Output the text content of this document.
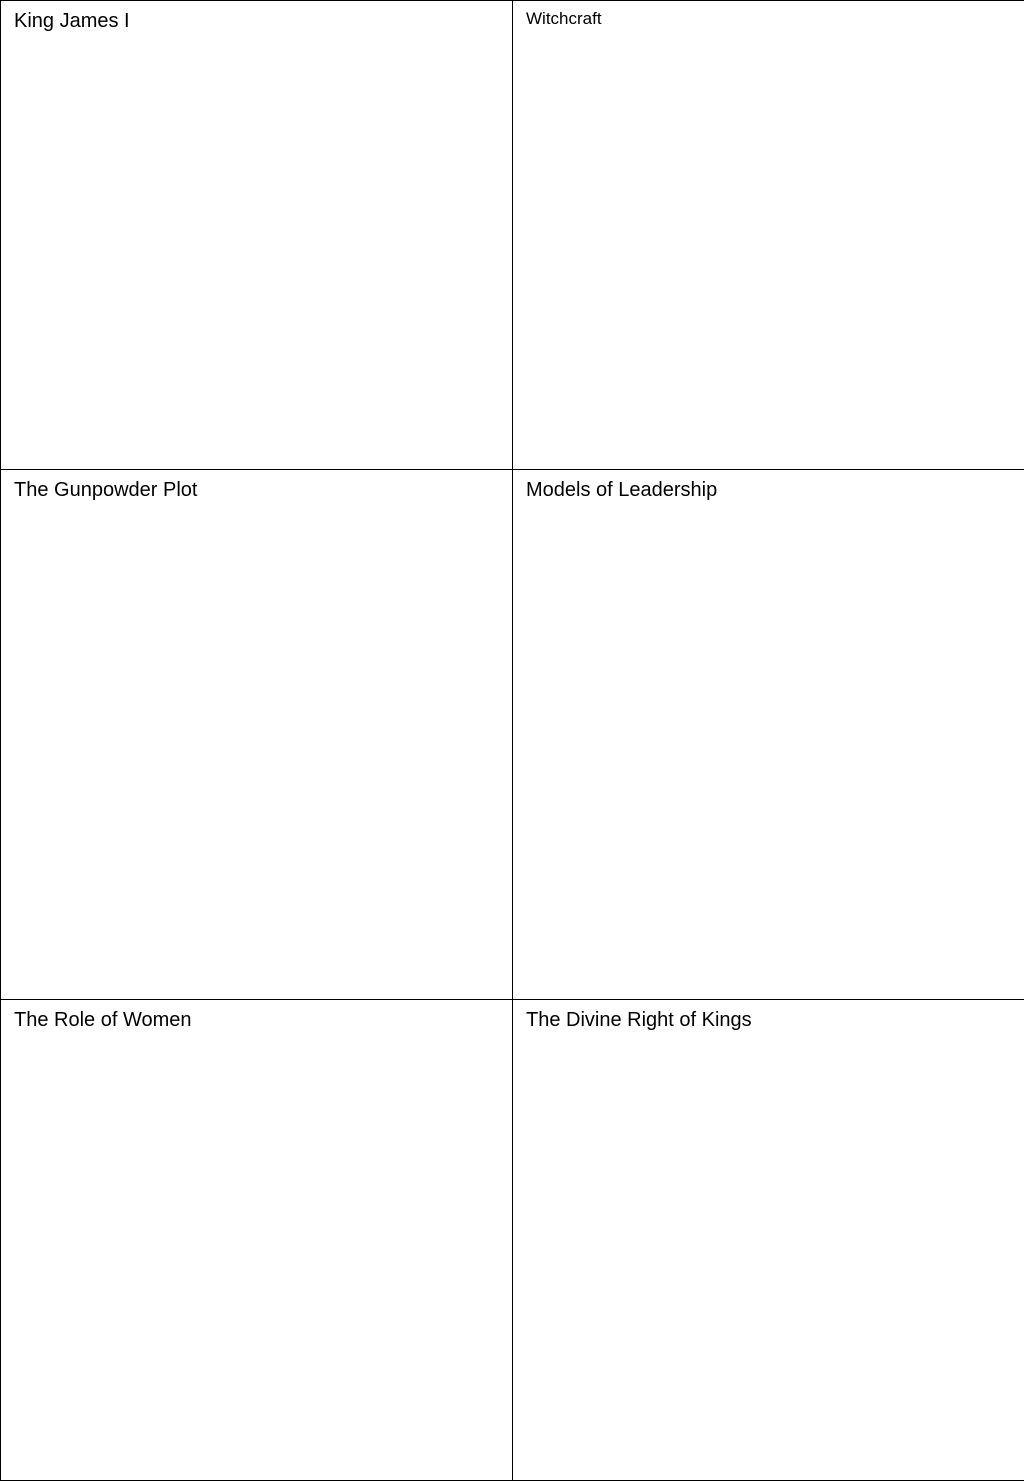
King James I	Witchcraft

The Gunpowder Plot	Models of Leadership

The Role of Women	The Divine Right of Kings
